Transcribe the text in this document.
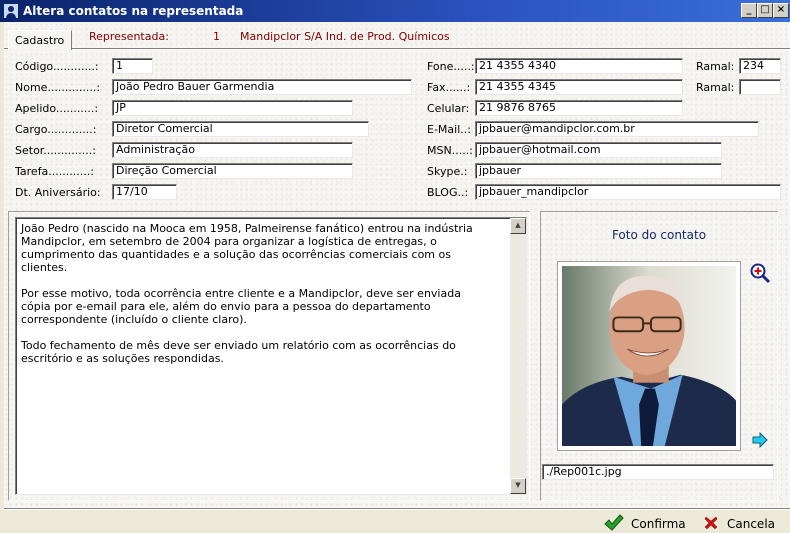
Altera contatos na representada	_ □ ×
Cadastro	Representada:	1 Mandipclor S/A Ind. de Prod. Químicos
Código............:	1
Nome..............:	João Pedro Bauer Garmendia
Apelido...........:	JP
Cargo.............:	Diretor Comercial
Setor..............:	Administração
Tarefa............:	Direção Comercial
Dt. Aniversário:	17/10
Fone.....: 21 4355 4340	Ramal: 234
Fax......: 21 4355 4345	Ramal:
Celular: 21 9876 8765
E-Mail..: jpbauer@mandipclor.com.br
MSN.....: jpbauer@hotmail.com
Skype.:	jpbauer
BLOG..: jpbauer_mandipclor
João Pedro (nascido na Mooca em 1958, Palmeirense fanático) entrou na indústria
Mandipclor, em setembro de 2004 para organizar a logística de entregas, o
cumprimento das quantidades e a solução das ocorrências comerciais com os
clientes.

Por esse motivo, toda ocorrência entre cliente e a Mandipclor, deve ser enviada
cópia por e-email para ele, além do envio para a pessoa do departamento
correspondente (incluído o cliente claro).

Todo fechamento de mês deve ser enviado um relatório com as ocorrências do
escritório e as soluções respondidas.
▲
▼
Foto do contato
./Rep001c.jpg
Confirma	Cancela
